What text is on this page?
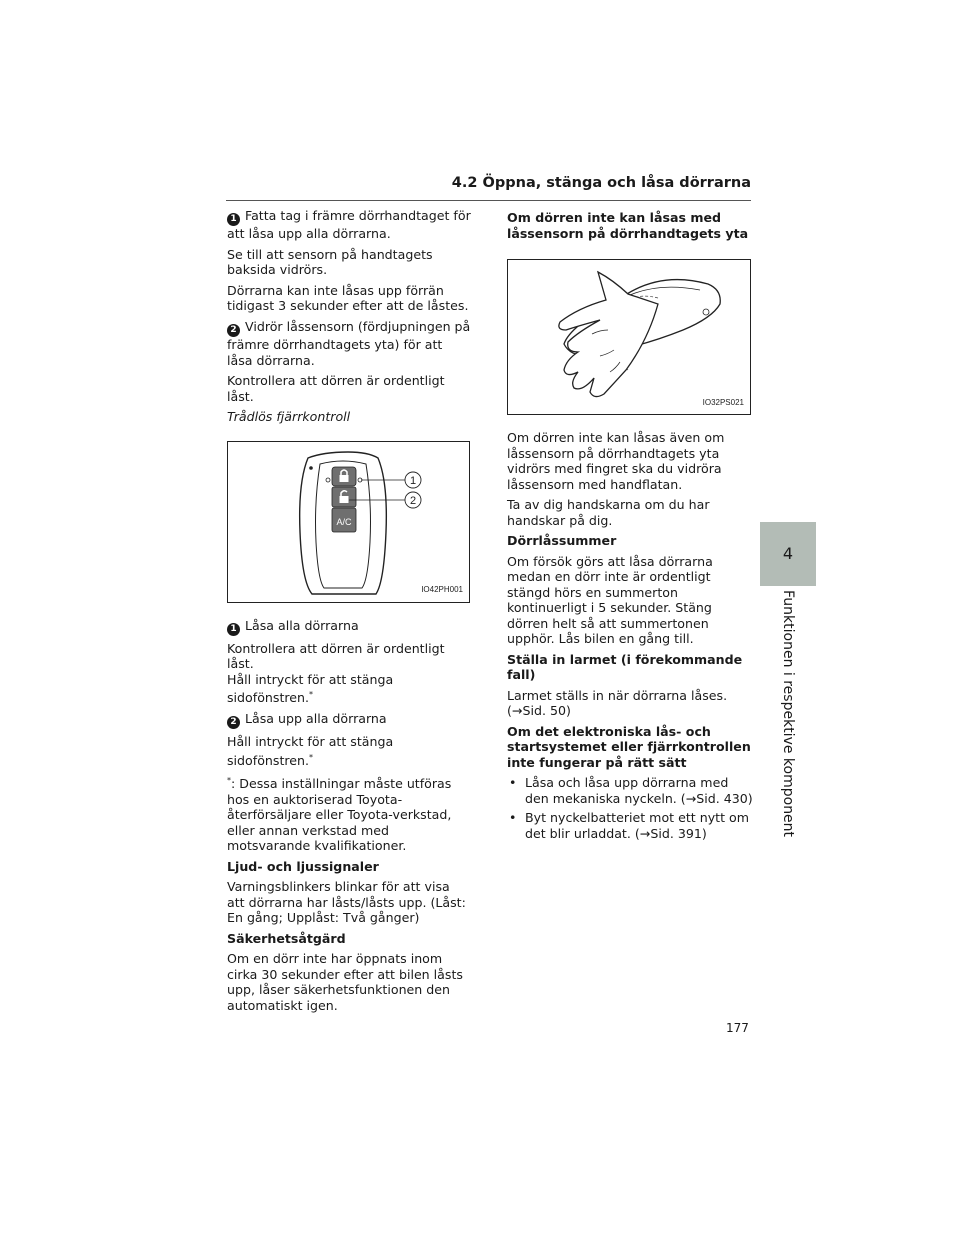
4.2 Öppna, stänga och låsa dörrarna
4
Funktionen i respektive komponent

1 Fatta tag i främre dörrhandtaget för att låsa upp alla dörrarna.

Se till att sensorn på handtagets baksida vidrörs.

Dörrarna kan inte låsas upp förrän tidigast 3 sekunder efter att de låstes.

2 Vidrör låssensorn (fördjupningen på främre dörrhandtagets yta) för att låsa dörrarna.

Kontrollera att dörren är ordentligt låst.

Trådlös fjärrkontroll

A/C
1
2
IO42PH001

1 Låsa alla dörrarna

Kontrollera att dörren är ordentligt låst.
Håll intryckt för att stänga sidofönstren.*

2 Låsa upp alla dörrarna

Håll intryckt för att stänga sidofönstren.*

*: Dessa inställningar måste utföras hos en auktoriserad Toyota-återförsäljare eller Toyota-verkstad, eller annan verkstad med motsvarande kvalifikationer.

Ljud- och ljussignaler

Varningsblinkers blinkar för att visa att dörrarna har låsts/låsts upp. (Låst: En gång; Upplåst: Två gånger)

Säkerhetsåtgärd

Om en dörr inte har öppnats inom cirka 30 sekunder efter att bilen låsts upp, låser säkerhetsfunktionen den automatiskt igen.

Om dörren inte kan låsas med låssensorn på dörrhandtagets yta

IO32PS021

Om dörren inte kan låsas även om låssensorn på dörrhandtagets yta vidrörs med fingret ska du vidröra låssensorn med handflatan.

Ta av dig handskarna om du har handskar på dig.

Dörrlåssummer

Om försök görs att låsa dörrarna medan en dörr inte är ordentligt stängd hörs en summerton kontinuerligt i 5 sekunder. Stäng dörren helt så att summertonen upphör. Lås bilen en gång till.

Ställa in larmet (i förekommande fall)

Larmet ställs in när dörrarna låses.
(→Sid. 50)

Om det elektroniska lås- och startsystemet eller fjärrkontrollen inte fungerar på rätt sätt

• Låsa och låsa upp dörrarna med den mekaniska nyckeln. (→Sid. 430)
• Byt nyckelbatteriet mot ett nytt om det blir urladdat. (→Sid. 391)
177
